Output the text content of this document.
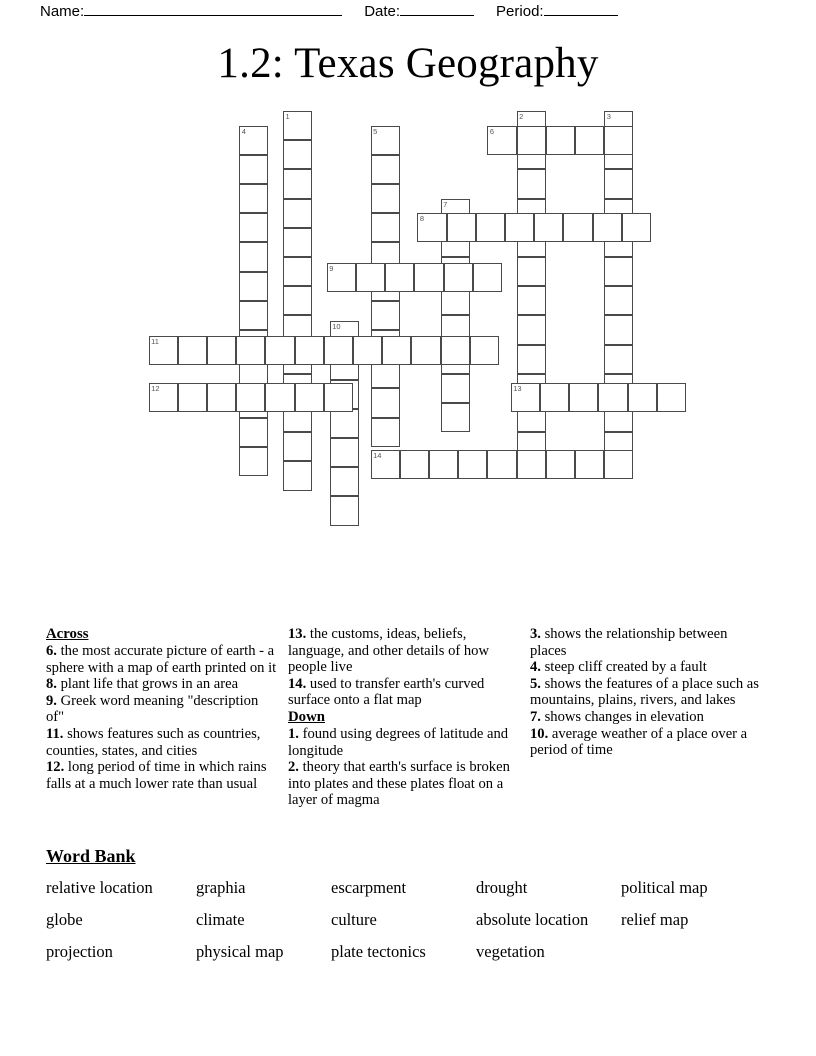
Name:	Date:	Period:
1.2: Texas Geography
1	2	3
4	5	6
7
8
9
10
11
12	13
14
Across
6. the most accurate picture of earth - a sphere with a map of earth printed on it
8. plant life that grows in an area
9. Greek word meaning "description of"
11. shows features such as countries, counties, states, and cities
12. long period of time in which rains falls at a much lower rate than usual
13. the customs, ideas, beliefs, language, and other details of how people live
14. used to transfer earth's curved surface onto a flat map
Down
1. found using degrees of latitude and longitude
2. theory that earth's surface is broken into plates and these plates float on a layer of magma
3. shows the relationship between places
4. steep cliff created by a fault
5. shows the features of a place such as mountains, plains, rivers, and lakes
7. shows changes in elevation
10. average weather of a place over a period of time
Word Bank
relative location	graphia	escarpment	drought	political map
globe	climate	culture	absolute location	relief map
projection	physical map	plate tectonics	vegetation
